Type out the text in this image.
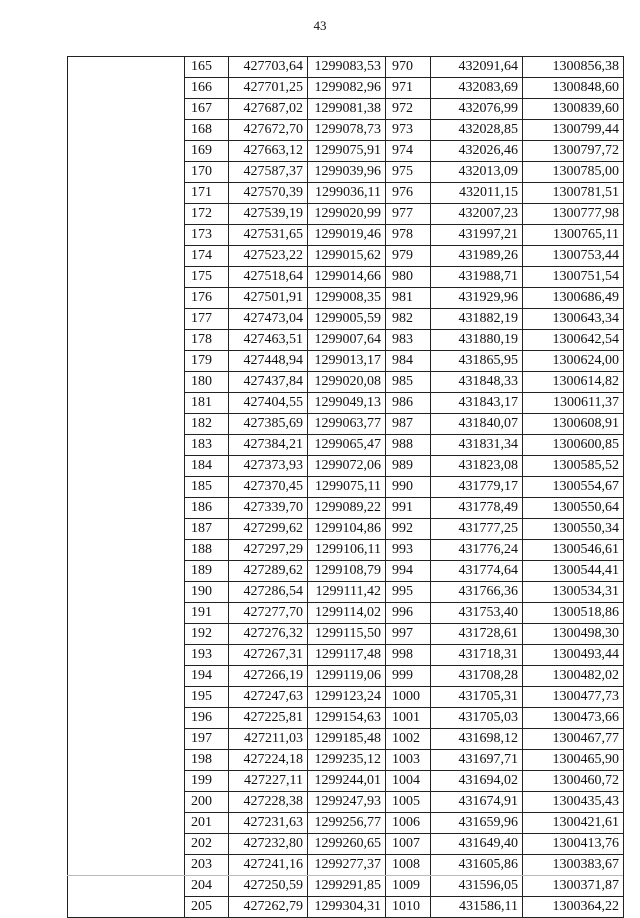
43
	165	427703,64	1299083,53	970	432091,64	1300856,38
	166	427701,25	1299082,96	971	432083,69	1300848,60
	167	427687,02	1299081,38	972	432076,99	1300839,60
	168	427672,70	1299078,73	973	432028,85	1300799,44
	169	427663,12	1299075,91	974	432026,46	1300797,72
	170	427587,37	1299039,96	975	432013,09	1300785,00
	171	427570,39	1299036,11	976	432011,15	1300781,51
	172	427539,19	1299020,99	977	432007,23	1300777,98
	173	427531,65	1299019,46	978	431997,21	1300765,11
	174	427523,22	1299015,62	979	431989,26	1300753,44
	175	427518,64	1299014,66	980	431988,71	1300751,54
	176	427501,91	1299008,35	981	431929,96	1300686,49
	177	427473,04	1299005,59	982	431882,19	1300643,34
	178	427463,51	1299007,64	983	431880,19	1300642,54
	179	427448,94	1299013,17	984	431865,95	1300624,00
	180	427437,84	1299020,08	985	431848,33	1300614,82
	181	427404,55	1299049,13	986	431843,17	1300611,37
	182	427385,69	1299063,77	987	431840,07	1300608,91
	183	427384,21	1299065,47	988	431831,34	1300600,85
	184	427373,93	1299072,06	989	431823,08	1300585,52
	185	427370,45	1299075,11	990	431779,17	1300554,67
	186	427339,70	1299089,22	991	431778,49	1300550,64
	187	427299,62	1299104,86	992	431777,25	1300550,34
	188	427297,29	1299106,11	993	431776,24	1300546,61
	189	427289,62	1299108,79	994	431774,64	1300544,41
	190	427286,54	1299111,42	995	431766,36	1300534,31
	191	427277,70	1299114,02	996	431753,40	1300518,86
	192	427276,32	1299115,50	997	431728,61	1300498,30
	193	427267,31	1299117,48	998	431718,31	1300493,44
	194	427266,19	1299119,06	999	431708,28	1300482,02
	195	427247,63	1299123,24	1000	431705,31	1300477,73
	196	427225,81	1299154,63	1001	431705,03	1300473,66
	197	427211,03	1299185,48	1002	431698,12	1300467,77
	198	427224,18	1299235,12	1003	431697,71	1300465,90
	199	427227,11	1299244,01	1004	431694,02	1300460,72
	200	427228,38	1299247,93	1005	431674,91	1300435,43
	201	427231,63	1299256,77	1006	431659,96	1300421,61
	202	427232,80	1299260,65	1007	431649,40	1300413,76
	203	427241,16	1299277,37	1008	431605,86	1300383,67
	204	427250,59	1299291,85	1009	431596,05	1300371,87
	205	427262,79	1299304,31	1010	431586,11	1300364,22
